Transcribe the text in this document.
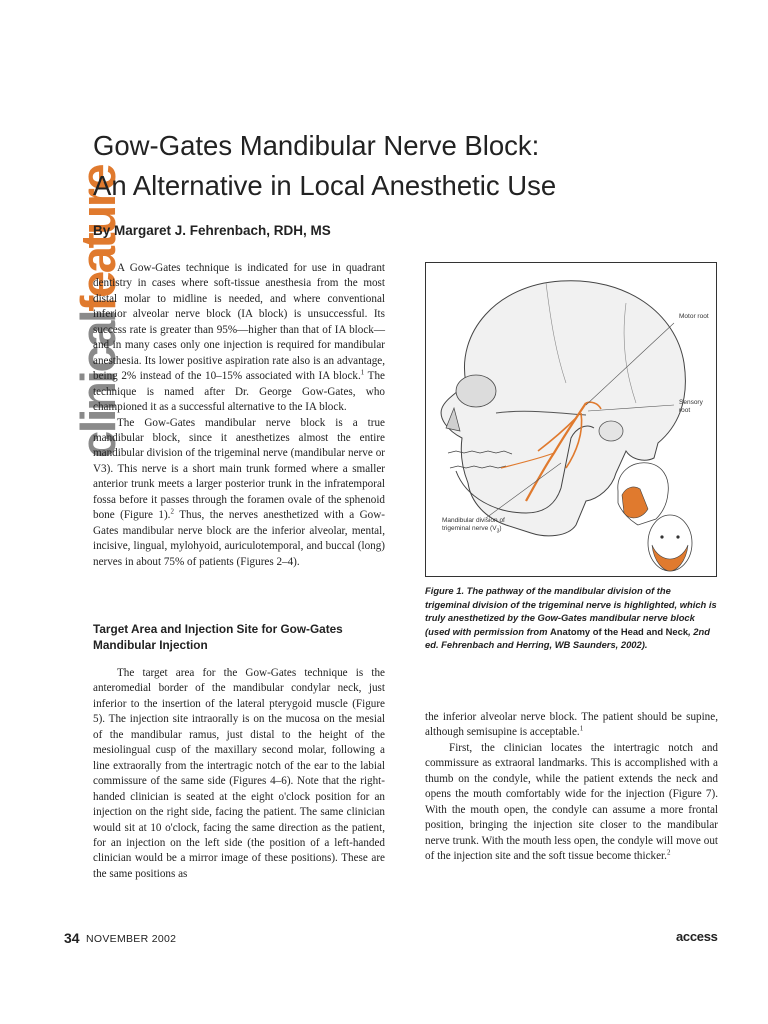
clinicalfeature
Gow-Gates Mandibular Nerve Block:
An Alternative in Local Anesthetic Use
By Margaret J. Fehrenbach, RDH, MS

A Gow-Gates technique is indicated for use in quadrant dentistry in cases where soft-tissue anesthesia from the most distal molar to midline is needed, and where conventional inferior alveolar nerve block (IA block) is unsuccessful. Its success rate is greater than 95%—higher than that of IA block—and in many cases only one injection is required for mandibular anesthesia. Its lower positive aspiration rate also is an advantage, being 2% instead of the 10–15% associated with IA block.$^1$ The technique is named after Dr. George Gow-Gates, who championed it as a successful alternative to the IA block.

The Gow-Gates mandibular nerve block is a true mandibular block, since it anesthetizes almost the entire mandibular division of the trigeminal nerve (mandibular nerve or V3). This nerve is a short main trunk formed where a smaller anterior trunk meets a larger posterior trunk in the infratemporal fossa before it passes through the foramen ovale of the sphenoid bone (Figure 1).$^2$ Thus, the nerves anesthetized with a Gow-Gates mandibular nerve block are the inferior alveolar, mental, incisive, lingual, mylohyoid, auriculotemporal, and buccal (long) nerves in about 75% of patients (Figures 2–4).

Target Area and Injection Site for Gow-Gates Mandibular Injection

The target area for the Gow-Gates technique is the anteromedial border of the mandibular condylar neck, just inferior to the insertion of the lateral pterygoid muscle (Figure 5). The injection site intraorally is on the mucosa on the mesial of the mandibular ramus, just distal to the height of the mesiolingual cusp of the maxillary second molar, following a line extraorally from the intertragic notch of the ear to the labial commissure of the same side (Figures 4–6). Note that the right-handed clinician is seated at the eight o'clock position for an injection on the right side, facing the patient. The same clinician would sit at 10 o'clock, facing the same direction as the patient, for an injection on the left side (the position of a left-handed clinician would be a mirror image of these positions). These are the same positions as

Motor root
Sensory root
Mandibular division of
trigeminal nerve $(V_3)$
Figure 1. The pathway of the mandibular division of the trigeminal division of the trigeminal nerve is highlighted, which is truly anesthetized by the Gow-Gates mandibular nerve block (used with permission from Anatomy of the Head and Neck, 2nd ed. Fehrenbach and Herring, WB Saunders, 2002).

the inferior alveolar nerve block. The patient should be supine, although semisupine is acceptable.$^1$

First, the clinician locates the intertragic notch and commissure as extraoral landmarks. This is accomplished with a thumb on the condyle, while the patient extends the neck and opens the mouth comfortably wide for the injection (Figure 7). With the mouth open, the condyle can assume a more frontal position, bringing the injection site closer to the mandibular nerve trunk. With the mouth less open, the condyle will move out of the injection site and the soft tissue become thicker.$^2$

34 NOVEMBER 2002	access
